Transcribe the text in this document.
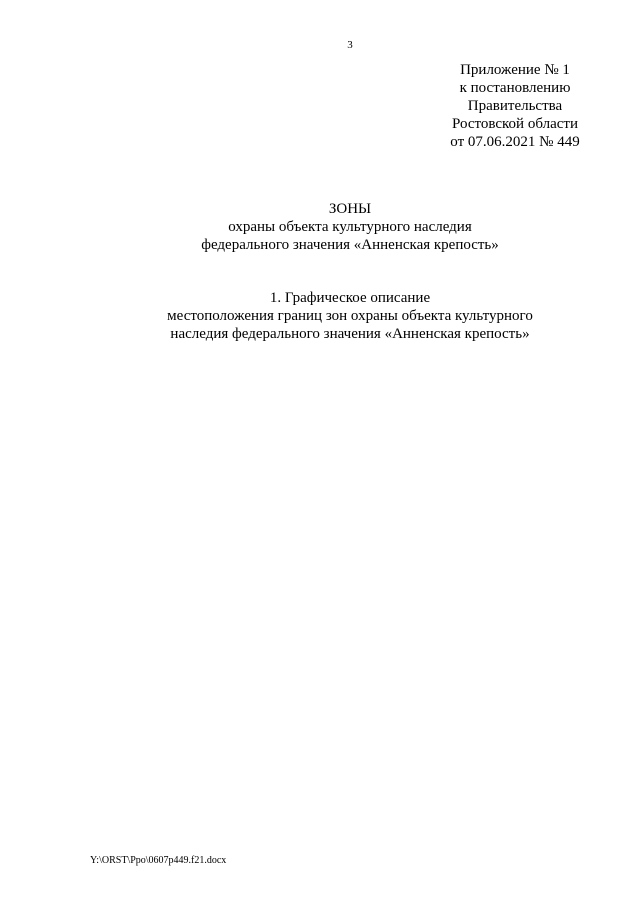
3
Приложение № 1
к постановлению
Правительства
Ростовской области
от 07.06.2021 № 449
ЗОНЫ
охраны объекта культурного наследия
федерального значения «Анненская крепость»
1. Графическое описание
местоположения границ зон охраны объекта культурного
наследия федерального значения «Анненская крепость»
Y:\ORST\Ppo\0607p449.f21.docx
